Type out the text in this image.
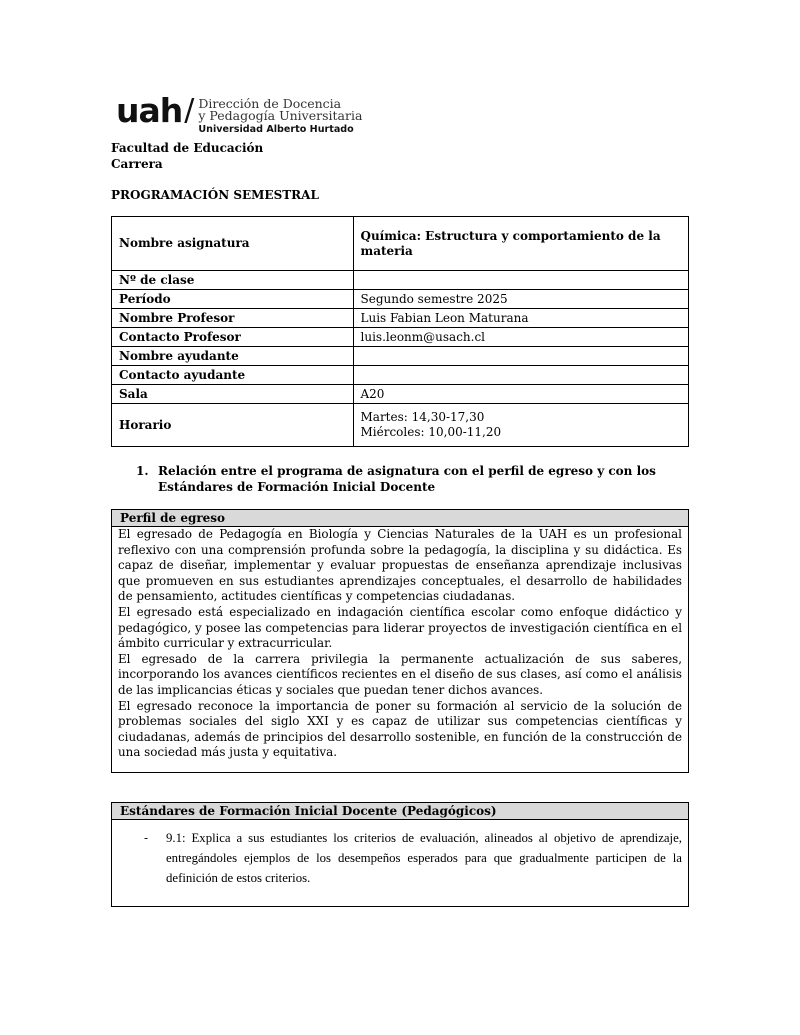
uah / Dirección de Docencia
y Pedagogía Universitaria
Universidad Alberto Hurtado
Facultad de Educación
Carrera
PROGRAMACIÓN SEMESTRAL
Nombre asignatura	Química: Estructura y comportamiento de la materia
Nº de clase	
Período	Segundo semestre 2025
Nombre Profesor	Luis Fabian Leon Maturana
Contacto Profesor	luis.leonm@usach.cl
Nombre ayudante	
Contacto ayudante	
Sala	A20
Horario	Martes: 14,30-17,30
Miércoles: 10,00-11,20
1. Relación entre el programa de asignatura con el perfil de egreso y con los Estándares de Formación Inicial Docente
Perfil de egreso

El egresado de Pedagogía en Biología y Ciencias Naturales de la UAH es un profesional reflexivo con una comprensión profunda sobre la pedagogía, la disciplina y su didáctica. Es capaz de diseñar, implementar y evaluar propuestas de enseñanza aprendizaje inclusivas que promueven en sus estudiantes aprendizajes conceptuales, el desarrollo de habilidades de pensamiento, actitudes científicas y competencias ciudadanas.

El egresado está especializado en indagación científica escolar como enfoque didáctico y pedagógico, y posee las competencias para liderar proyectos de investigación científica en el ámbito curricular y extracurricular.

El egresado de la carrera privilegia la permanente actualización de sus saberes, incorporando los avances científicos recientes en el diseño de sus clases, así como el análisis de las implicancias éticas y sociales que puedan tener dichos avances.

El egresado reconoce la importancia de poner su formación al servicio de la solución de problemas sociales del siglo XXI y es capaz de utilizar sus competencias científicas y ciudadanas, además de principios del desarrollo sostenible, en función de la construcción de una sociedad más justa y equitativa.

Estándares de Formación Inicial Docente (Pedagógicos)
- 9.1: Explica a sus estudiantes los criterios de evaluación, alineados al objetivo de aprendizaje, entregándoles ejemplos de los desempeños esperados para que gradualmente participen de la definición de estos criterios.
